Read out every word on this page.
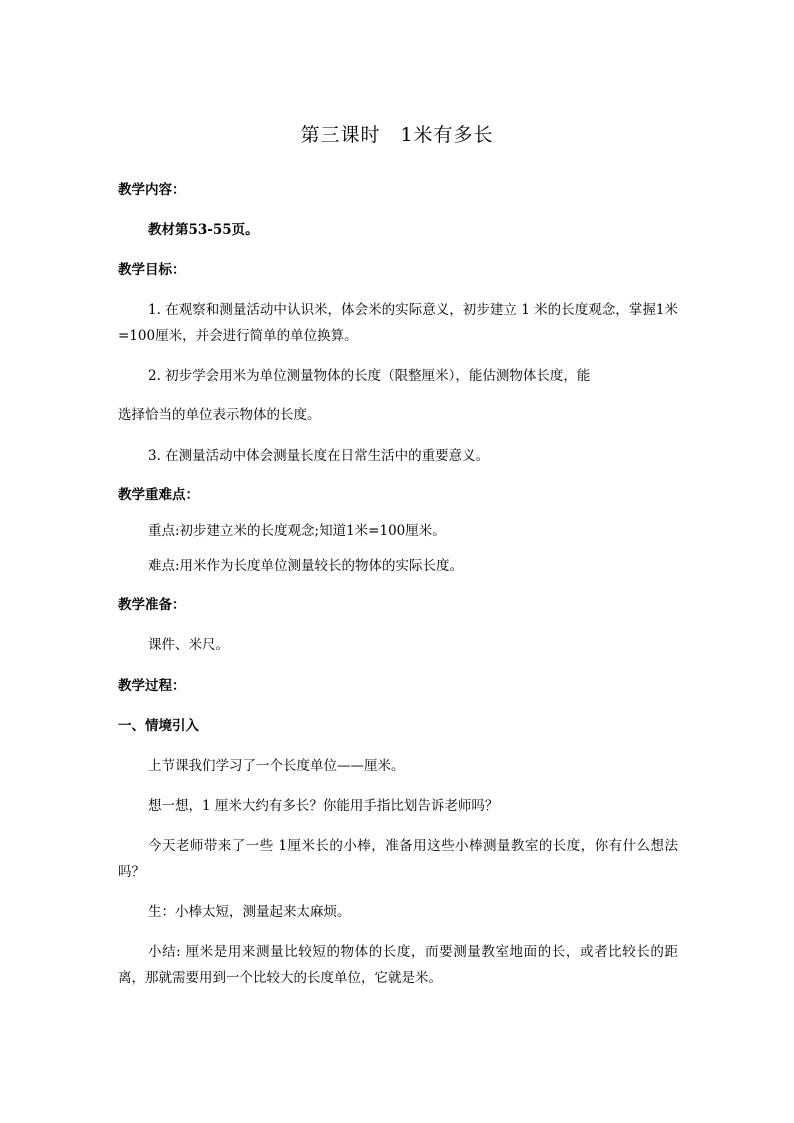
第三课时　1米有多长
教学内容：
教材第53-55页。
教学目标：
1. 在观察和测量活动中认识米，体会米的实际意义，初步建立 1 米的长度观念，掌握1米=100厘米，并会进行简单的单位换算。
2. 初步学会用米为单位测量物体的长度（限整厘米），能估测物体长度，能
选择恰当的单位表示物体的长度。
3. 在测量活动中体会测量长度在日常生活中的重要意义。
教学重难点：
重点:初步建立米的长度观念;知道1米=100厘米。
难点:用米作为长度单位测量较长的物体的实际长度。
教学准备：
课件、米尺。
教学过程：
一、情境引入
上节课我们学习了一个长度单位——厘米。
想一想，1 厘米大约有多长？你能用手指比划告诉老师吗？
今天老师带来了一些 1厘米长的小棒，准备用这些小棒测量教室的长度，你有什么想法吗？
生：小棒太短，测量起来太麻烦。
小结: 厘米是用来测量比较短的物体的长度，而要测量教室地面的长，或者比较长的距离，那就需要用到一个比较大的长度单位，它就是米。
